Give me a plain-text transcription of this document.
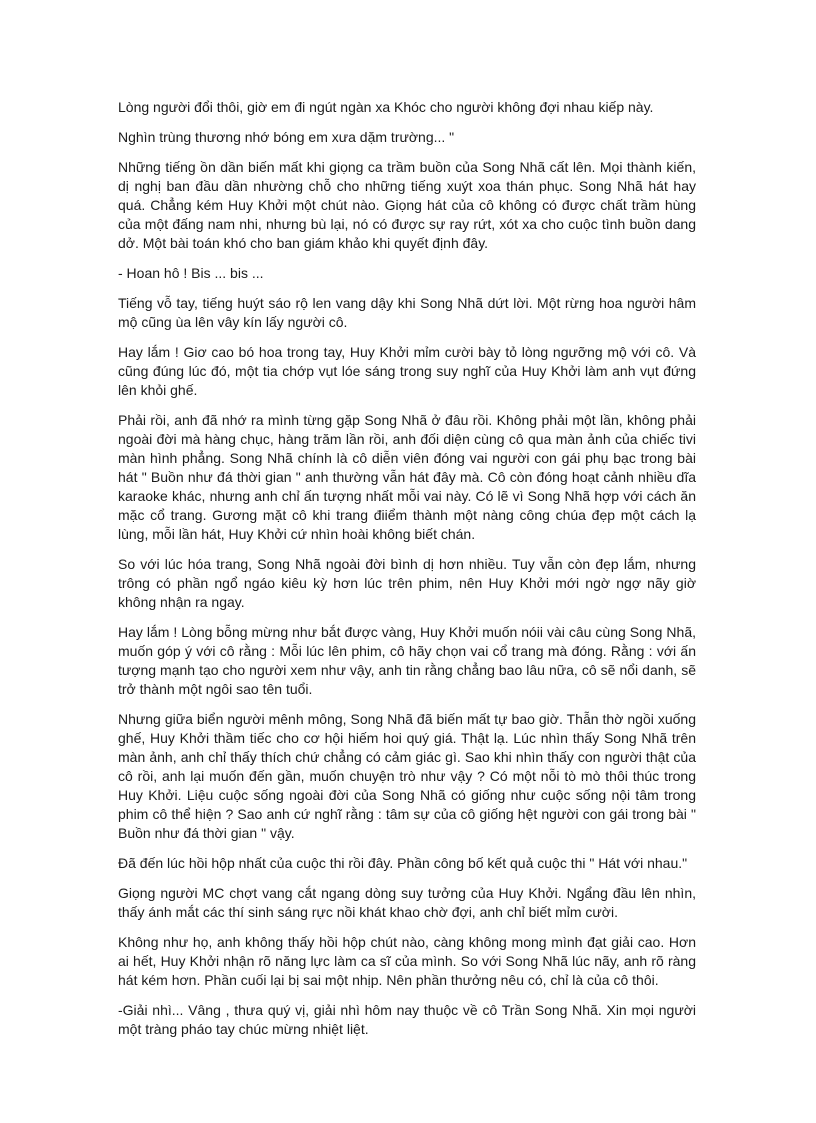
Lòng người đổi thôi, giờ em đi ngút ngàn xa Khóc cho người không đợi nhau kiếp này.

Nghìn trùng thương nhớ bóng em xưa dặm trường... "

Những tiếng ồn dần biến mất khi giọng ca trầm buồn của Song Nhã cất lên. Mọi thành kiến, dị nghị ban đầu dần nhường chỗ cho những tiếng xuýt xoa thán phục. Song Nhã hát hay quá. Chẳng kém Huy Khởi một chút nào. Giọng hát của cô không có được chất trầm hùng của một đấng nam nhi, nhưng bù lại, nó có được sự ray rứt, xót xa cho cuộc tình buồn dang dở. Một bài toán khó cho ban giám khảo khi quyết định đây.

- Hoan hô ! Bis ... bis ...

Tiếng vỗ tay, tiếng huýt sáo rộ len vang dậy khi Song Nhã dứt lời. Một rừng hoa người hâm mộ cũng ùa lên vây kín lấy người cô.

Hay lắm ! Giơ cao bó hoa trong tay, Huy Khởi mỉm cười bày tỏ lòng ngưỡng mộ với cô. Và cũng đúng lúc đó, một tia chớp vụt lóe sáng trong suy nghĩ của Huy Khởi làm anh vụt đứng lên khỏi ghế.

Phải rồi, anh đã nhớ ra mình từng gặp Song Nhã ở đâu rồi. Không phải một lần, không phải ngoài đời mà hàng chục, hàng trăm lần rồi, anh đối diện cùng cô qua màn ảnh của chiếc tivi màn hình phẳng. Song Nhã chính là cô diễn viên đóng vai người con gái phụ bạc trong bài hát " Buồn như đá thời gian " anh thường vẫn hát đây mà. Cô còn đóng hoạt cảnh nhiều dĩa karaoke khác, nhưng anh chỉ ấn tượng nhất mỗi vai này. Có lẽ vì Song Nhã hợp với cách ăn mặc cổ trang. Gương mặt cô khi trang điiểm thành một nàng công chúa đẹp một cách lạ lùng, mỗi lần hát, Huy Khởi cứ nhìn hoài không biết chán.

So với lúc hóa trang, Song Nhã ngoài đời bình dị hơn nhiều. Tuy vẫn còn đẹp lắm, nhưng trông có phần ngổ ngáo kiêu kỳ hơn lúc trên phim, nên Huy Khởi mới ngờ ngợ nãy giờ không nhận ra ngay.

Hay lắm ! Lòng bỗng mừng như bắt được vàng, Huy Khởi muốn nóii vài câu cùng Song Nhã, muốn góp ý với cô rằng : Mỗi lúc lên phim, cô hãy chọn vai cổ trang mà đóng. Rằng : với ấn tượng mạnh tạo cho người xem như vậy, anh tin rằng chẳng bao lâu nữa, cô sẽ nổi danh, sẽ trở thành một ngôi sao tên tuổi.

Nhưng giữa biển người mênh mông, Song Nhã đã biến mất tự bao giờ. Thẫn thờ ngồi xuống ghế, Huy Khởi thầm tiếc cho cơ hội hiếm hoi quý giá. Thật lạ. Lúc nhìn thấy Song Nhã trên màn ảnh, anh chỉ thấy thích chứ chẳng có cảm giác gì. Sao khi nhìn thấy con người thật của cô rồi, anh lại muốn đến gần, muốn chuyện trò như vậy ? Có một nỗi tò mò thôi thúc trong Huy Khởi. Liệu cuộc sống ngoài đời của Song Nhã có giống như cuộc sống nội tâm trong phim cô thể hiện ? Sao anh cứ nghĩ rằng : tâm sự của cô giống hệt người con gái trong bài " Buồn như đá thời gian " vậy.

Đã đến lúc hồi hộp nhất của cuộc thi rồi đây. Phần công bố kết quả cuộc thi " Hát với nhau."

Giọng người MC chợt vang cắt ngang dòng suy tưởng của Huy Khởi. Ngẩng đầu lên nhìn, thấy ánh mắt các thí sinh sáng rực nồi khát khao chờ đợi, anh chỉ biết mỉm cười.

Không như họ, anh không thấy hồi hộp chút nào, càng không mong mình đạt giải cao. Hơn ai hết, Huy Khởi nhận rõ năng lực làm ca sĩ của mình. So với Song Nhã lúc nãy, anh rõ ràng hát kém hơn. Phần cuối lại bị sai một nhịp. Nên phần thưởng nêu có, chỉ là của cô thôi.

-Giải nhì... Vâng , thưa quý vị, giải nhì hôm nay thuộc về cô Trần Song Nhã. Xin mọi người một tràng pháo tay chúc mừng nhiệt liệt.
